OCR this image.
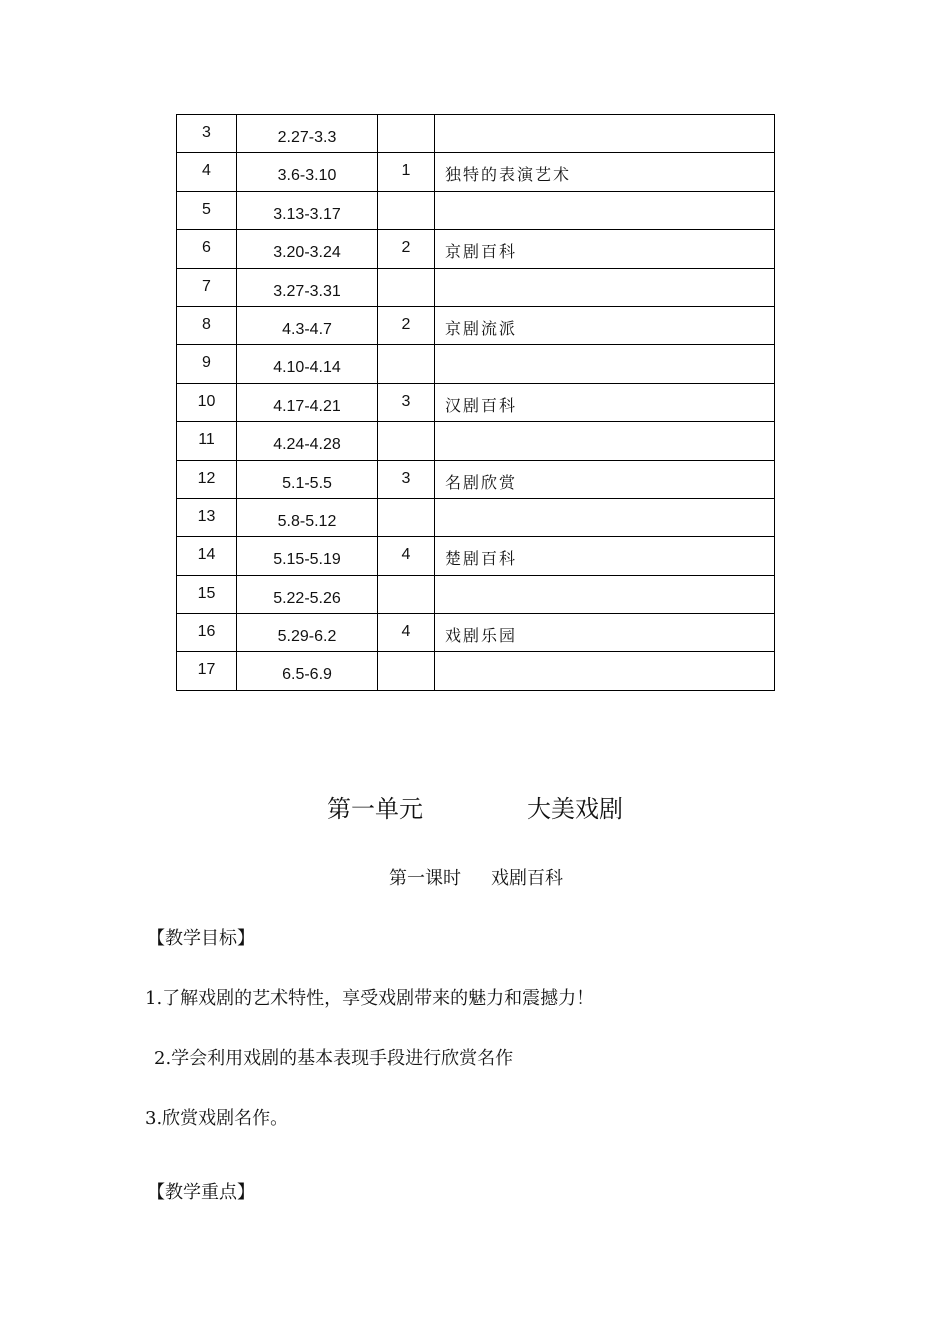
3	2.27-3.3		

4	3.6-3.10	1	独特的表演艺术

5	3.13-3.17		

6	3.20-3.24	2	京剧百科

7	3.27-3.31		

8	4.3-4.7	2	京剧流派

9	4.10-4.14		

10	4.17-4.21	3	汉剧百科

11	4.24-4.28		

12	5.1-5.5	3	名剧欣赏

13	5.8-5.12		

14	5.15-5.19	4	楚剧百科

15	5.22-5.26		

16	5.29-6.2	4	戏剧乐园

17	6.5-6.9		

第一单元	大美戏剧
第一课时 戏剧百科
【教学目标】
1.了解戏剧的艺术特性，享受戏剧带来的魅力和震撼力！
2.学会利用戏剧的基本表现手段进行欣赏名作
3.欣赏戏剧名作。
【教学重点】
